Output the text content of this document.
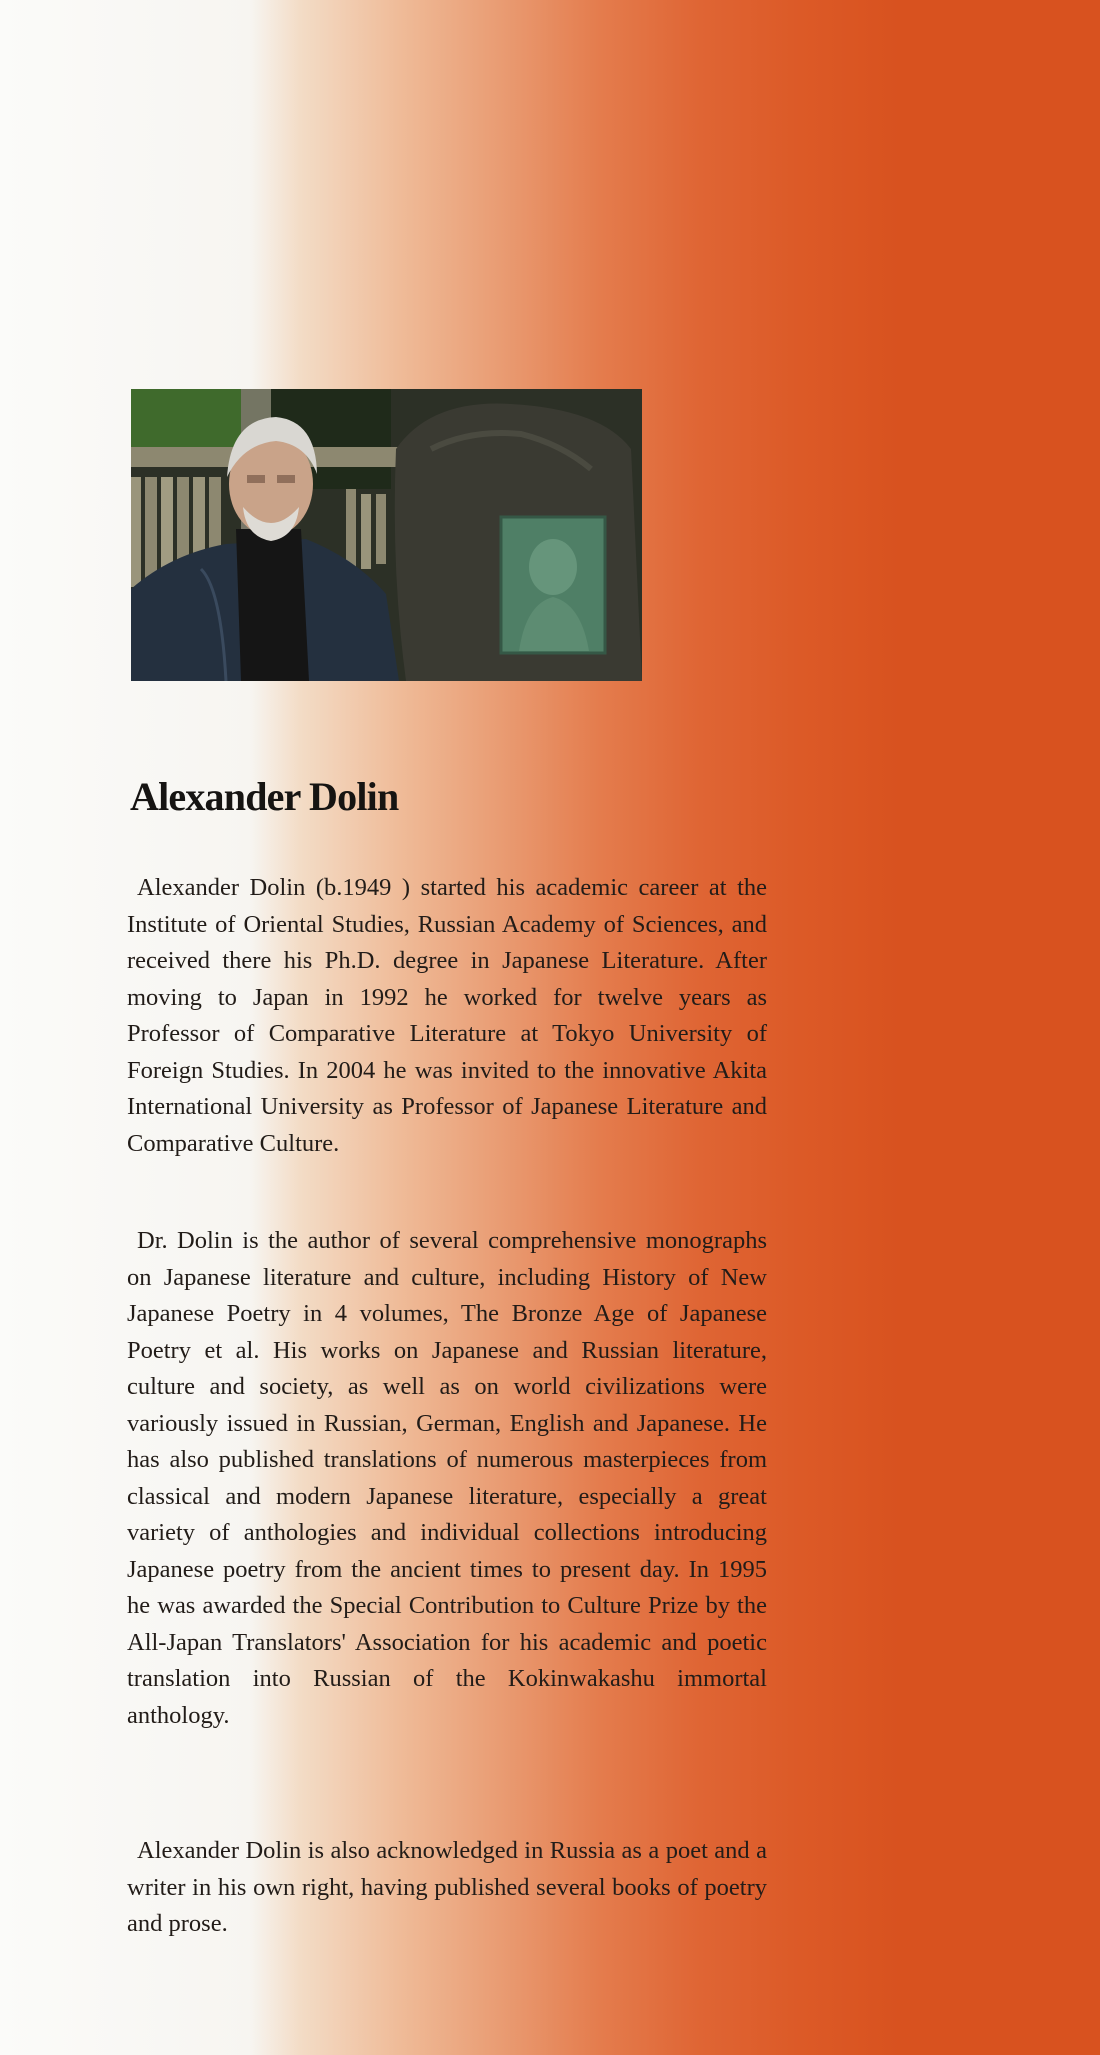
Alexander Dolin

Alexander Dolin (b.1949 ) started his academic career at the Institute of Oriental Studies, Russian Academy of Sciences, and received there his Ph.D. degree in Japanese Literature. After moving to Japan in 1992 he worked for twelve years as Professor of Comparative Literature at Tokyo University of Foreign Studies. In 2004 he was invited to the innovative Akita International University as Professor of Japanese Literature and Comparative Culture.

Dr. Dolin is the author of several comprehensive monographs on Japanese literature and culture, including History of New Japanese Poetry in 4 volumes, The Bronze Age of Japanese Poetry et al. His works on Japanese and Russian literature, culture and society, as well as on world civilizations were variously issued in Russian, German, English and Japanese. He has also published translations of numerous masterpieces from classical and modern Japanese literature, especially a great variety of anthologies and individual collections introducing Japanese poetry from the ancient times to present day. In 1995 he was awarded the Special Contribution to Culture Prize by the All-Japan Translators' Association for his academic and poetic translation into Russian of the Kokinwakashu immortal anthology.

Alexander Dolin is also acknowledged in Russia as a poet and a writer in his own right, having published several books of poetry and prose.
